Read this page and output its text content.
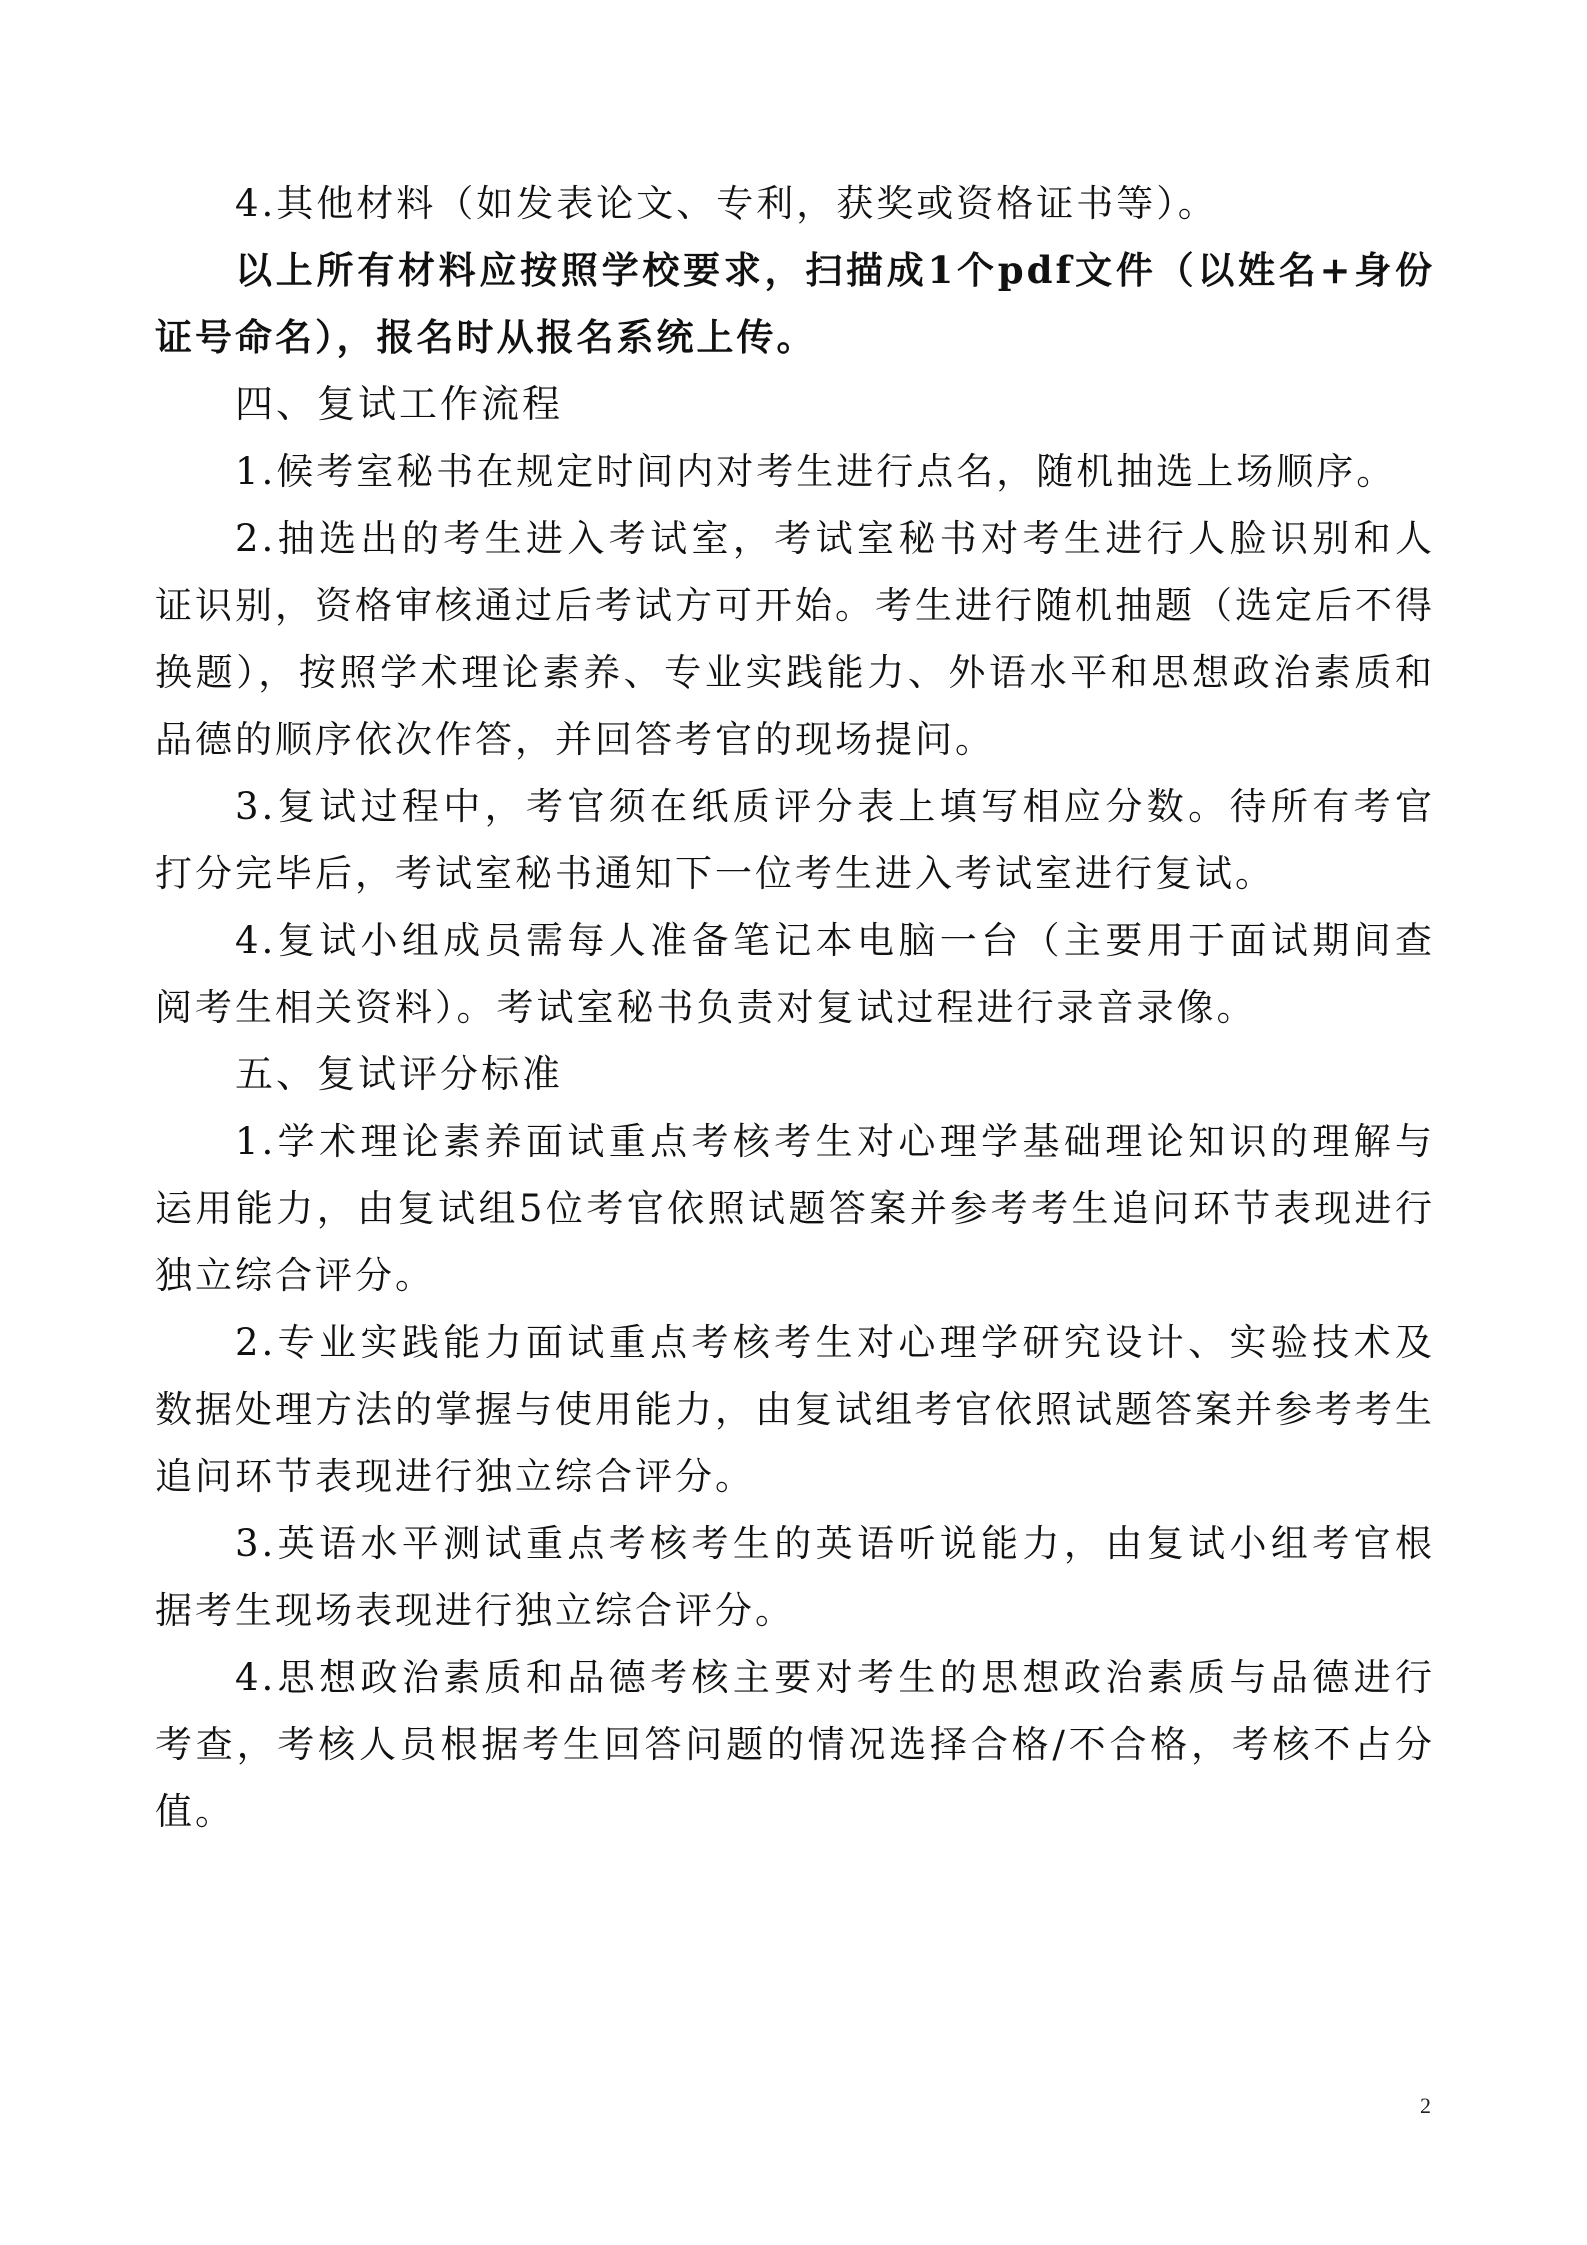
4.其他材料（如发表论文、专利，获奖或资格证书等）。

以上所有材料应按照学校要求，扫描成1个pdf文件（以姓名+身份证号命名），报名时从报名系统上传。

四、复试工作流程

1.候考室秘书在规定时间内对考生进行点名，随机抽选上场顺序。

2.抽选出的考生进入考试室，考试室秘书对考生进行人脸识别和人证识别，资格审核通过后考试方可开始。考生进行随机抽题（选定后不得换题），按照学术理论素养、专业实践能力、外语水平和思想政治素质和品德的顺序依次作答，并回答考官的现场提问。

3.复试过程中，考官须在纸质评分表上填写相应分数。待所有考官打分完毕后，考试室秘书通知下一位考生进入考试室进行复试。

4.复试小组成员需每人准备笔记本电脑一台（主要用于面试期间查阅考生相关资料）。考试室秘书负责对复试过程进行录音录像。

五、复试评分标准

1.学术理论素养面试重点考核考生对心理学基础理论知识的理解与运用能力，由复试组5位考官依照试题答案并参考考生追问环节表现进行独立综合评分。

2.专业实践能力面试重点考核考生对心理学研究设计、实验技术及数据处理方法的掌握与使用能力，由复试组考官依照试题答案并参考考生追问环节表现进行独立综合评分。

3.英语水平测试重点考核考生的英语听说能力，由复试小组考官根据考生现场表现进行独立综合评分。

4.思想政治素质和品德考核主要对考生的思想政治素质与品德进行考查，考核人员根据考生回答问题的情况选择合格/不合格，考核不占分值。

2
